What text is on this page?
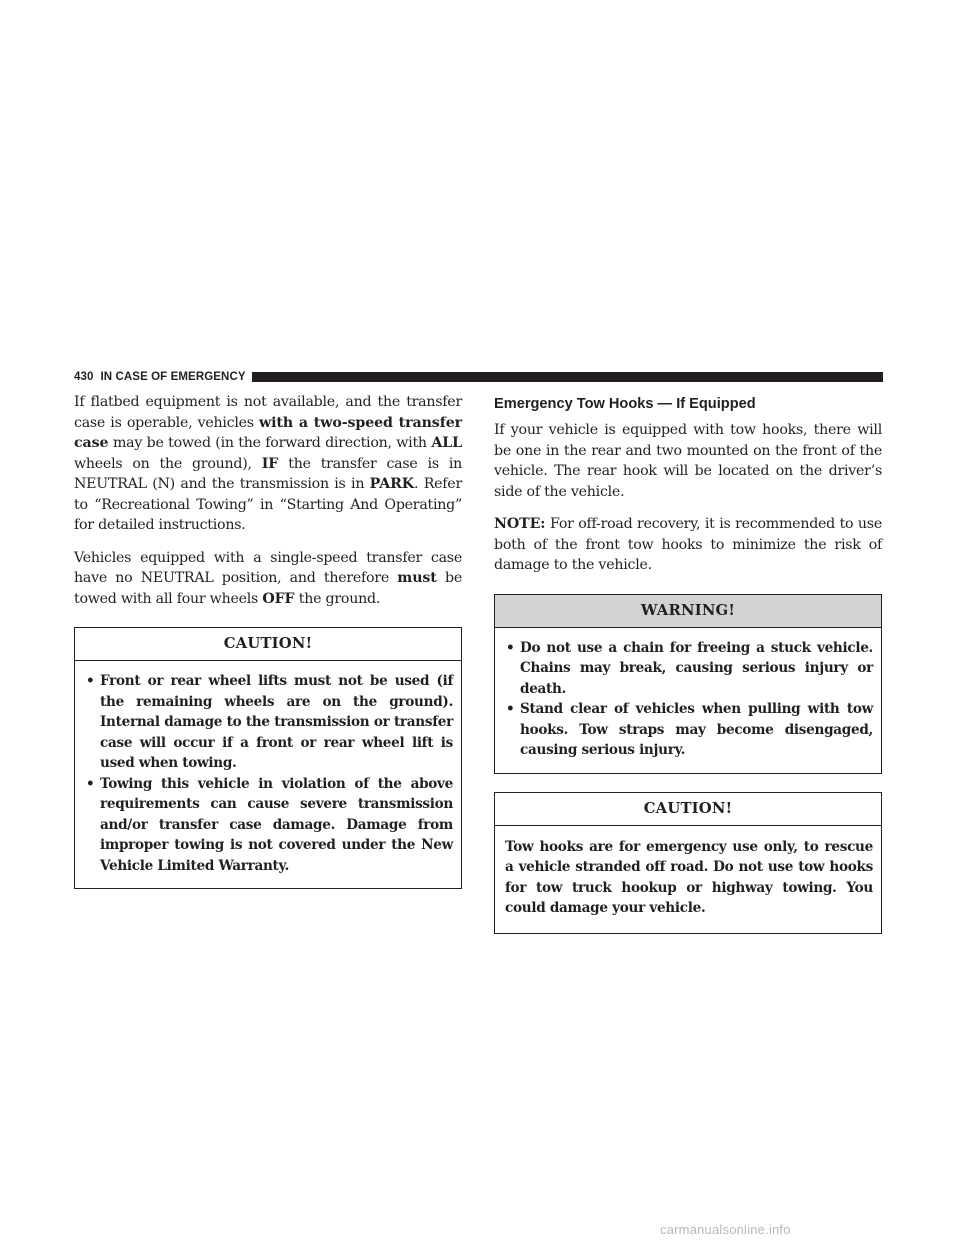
430 IN CASE OF EMERGENCY

If flatbed equipment is not available, and the transfer case is operable, vehicles with a two-speed transfer case may be towed (in the forward direction, with ALL wheels on the ground), IF the transfer case is in NEUTRAL (N) and the transmission is in PARK. Refer to “Recreational Towing” in “Starting And Operating” for detailed instructions.

Vehicles equipped with a single-speed transfer case have no NEUTRAL position, and therefore must be towed with all four wheels OFF the ground.

CAUTION!
• Front or rear wheel lifts must not be used (if the remaining wheels are on the ground). Internal damage to the transmission or transfer case will occur if a front or rear wheel lift is used when towing.
• Towing this vehicle in violation of the above requirements can cause severe transmission and/or transfer case damage. Damage from improper towing is not covered under the New Vehicle Limited Warranty.
Emergency Tow Hooks — If Equipped

If your vehicle is equipped with tow hooks, there will be one in the rear and two mounted on the front of the vehicle. The rear hook will be located on the driver’s side of the vehicle.

NOTE: For off-road recovery, it is recommended to use both of the front tow hooks to minimize the risk of damage to the vehicle.

WARNING!
• Do not use a chain for freeing a stuck vehicle. Chains may break, causing serious injury or death.
• Stand clear of vehicles when pulling with tow hooks. Tow straps may become disengaged, causing serious injury.
CAUTION!

Tow hooks are for emergency use only, to rescue a vehicle stranded off road. Do not use tow hooks for tow truck hookup or highway towing. You could damage your vehicle.

carmanualsonline.info
